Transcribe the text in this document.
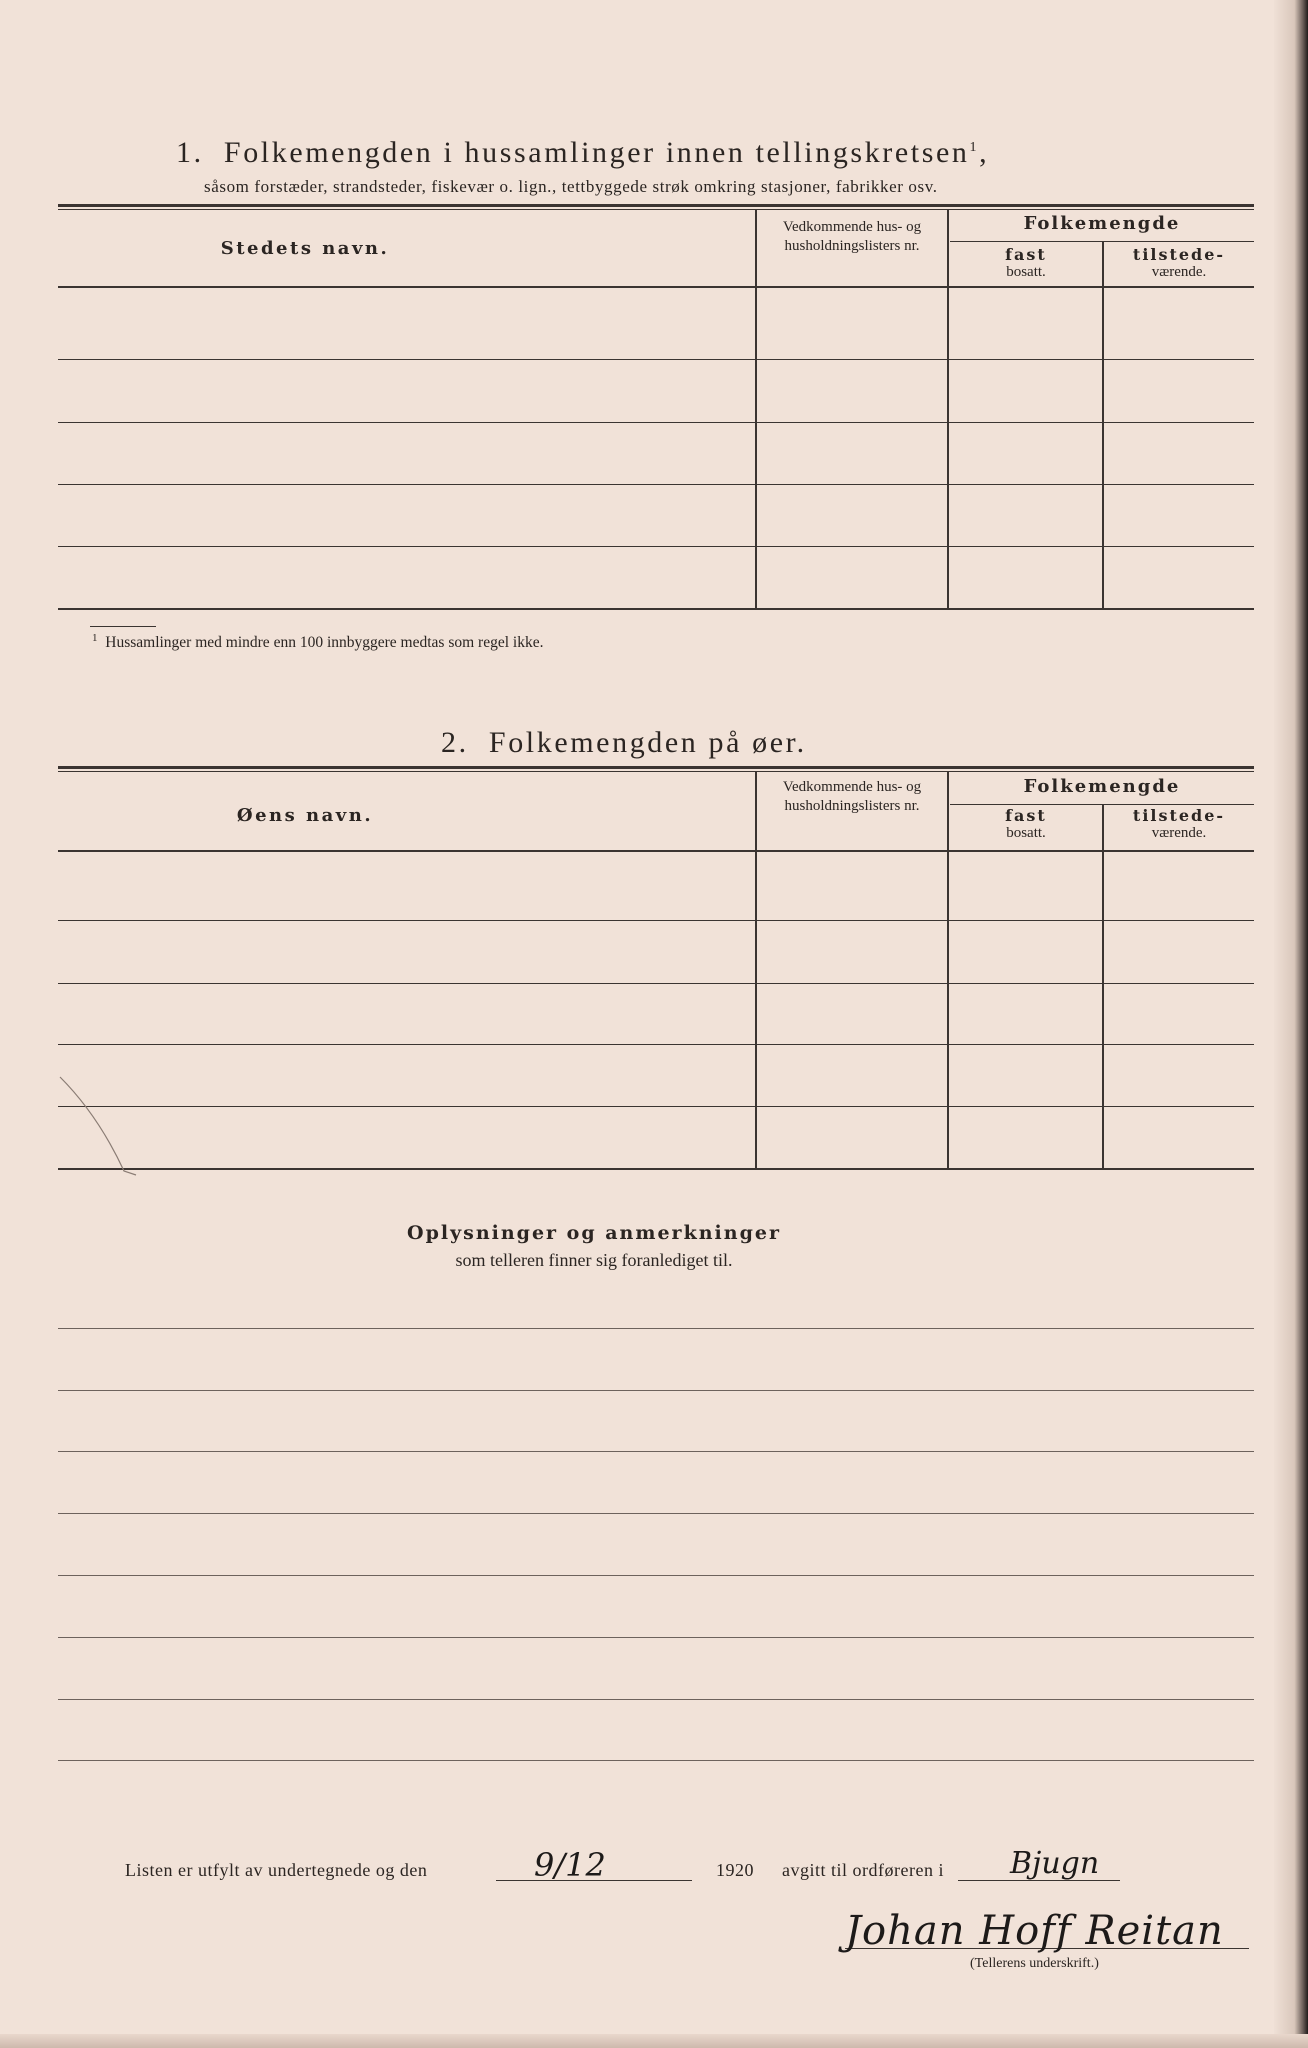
1. Folkemengden i hussamlinger innen tellingskretsen$^1$,
såsom forstæder, strandsteder, fiskevær o. lign., tettbyggede strøk omkring stasjoner, fabrikker osv.
Stedets navn.
Vedkommende hus- og husholdningslisters nr.
Folkemengde
fast
bosatt.
tilstede-
værende.
$^1$ Hussamlinger med mindre enn 100 innbyggere medtas som regel ikke.
2. Folkemengden på øer.
Øens navn.
Vedkommende hus- og husholdningslisters nr.
Folkemengde
fast
bosatt.
tilstede-
værende.
Oplysninger og anmerkninger
som telleren finner sig foranlediget til.
Listen er utfylt av undertegnede og den	9/12	1920 avgitt til ordføreren i Bjugn
Johan Hoff Reitan
(Tellerens underskrift.)
